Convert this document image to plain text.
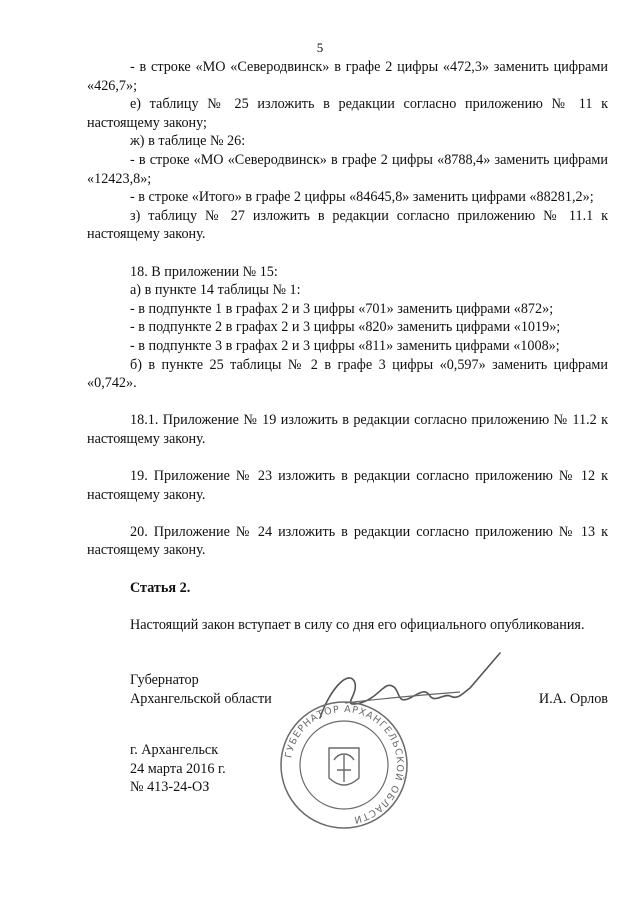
5

- в строке «МО «Северодвинск» в графе 2 цифры «472,3» заменить цифрами «426,7»;

е) таблицу № 25 изложить в редакции согласно приложению № 11 к настоящему закону;

ж) в таблице № 26:

- в строке «МО «Северодвинск» в графе 2 цифры «8788,4» заменить цифрами «12423,8»;

- в строке «Итого» в графе 2 цифры «84645,8» заменить цифрами «88281,2»;

з) таблицу № 27 изложить в редакции согласно приложению № 11.1 к настоящему закону.

18. В приложении № 15:

а) в пункте 14 таблицы № 1:

- в подпункте 1 в графах 2 и 3 цифры «701» заменить цифрами «872»;

- в подпункте 2 в графах 2 и 3 цифры «820» заменить цифрами «1019»;

- в подпункте 3 в графах 2 и 3 цифры «811» заменить цифрами «1008»;

б) в пункте 25 таблицы № 2 в графе 3 цифры «0,597» заменить цифрами «0,742».

18.1. Приложение № 19 изложить в редакции согласно приложению № 11.2 к настоящему закону.

19. Приложение № 23 изложить в редакции согласно приложению № 12 к настоящему закону.

20. Приложение № 24 изложить в редакции согласно приложению № 13 к настоящему закону.

Статья 2.

Настоящий закон вступает в силу со дня его официального опубликования.

Губернатор
Архангельской области	И.А. Орлов
ГУБЕРНАТОР АРХАНГЕЛЬСКОЙ ОБЛАСТИ
г. Архангельск
24 марта 2016 г.
№ 413-24-ОЗ
